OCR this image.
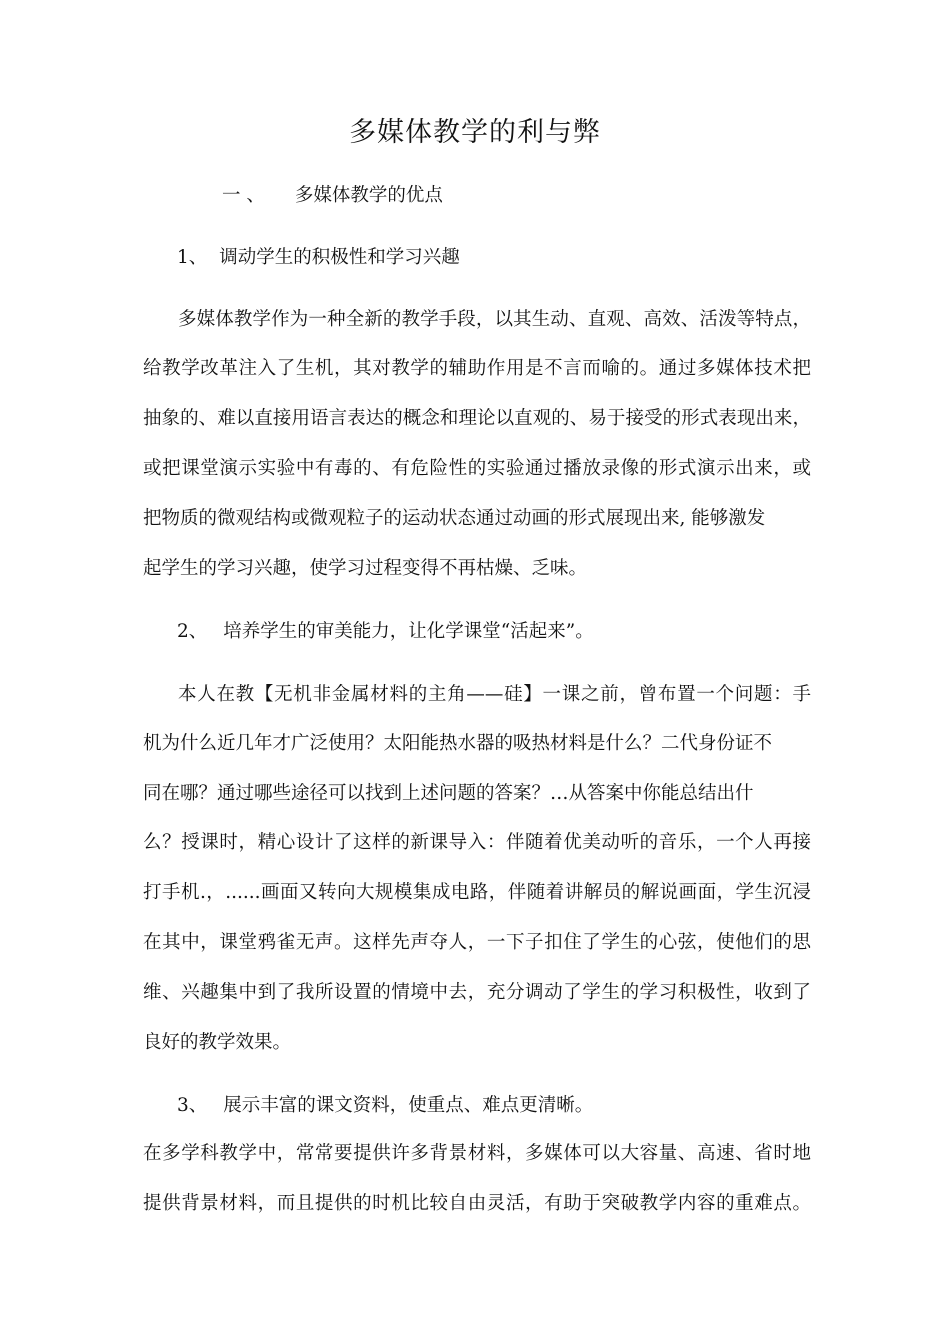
多媒体教学的利与弊
一 、 多媒体教学的优点
1、 调动学生的积极性和学习兴趣
多媒体教学作为一种全新的教学手段，以其生动、直观、高效、活泼等特点，
给教学改革注入了生机，其对教学的辅助作用是不言而喻的。通过多媒体技术把
抽象的、难以直接用语言表达的概念和理论以直观的、易于接受的形式表现出来，
或把课堂演示实验中有毒的、有危险性的实验通过播放录像的形式演示出来，或
把物质的微观结构或微观粒子的运动状态通过动画的形式展现出来, 能够激发
起学生的学习兴趣，使学习过程变得不再枯燥、乏味。
2、 培养学生的审美能力，让化学课堂“活起来”。
本人在教【无机非金属材料的主角——硅】一课之前，曾布置一个问题：手
机为什么近几年才广泛使用？太阳能热水器的吸热材料是什么？二代身份证不
同在哪？通过哪些途径可以找到上述问题的答案？…从答案中你能总结出什
么？授课时，精心设计了这样的新课导入：伴随着优美动听的音乐，一个人再接
打手机.，......画面又转向大规模集成电路，伴随着讲解员的解说画面，学生沉浸
在其中，课堂鸦雀无声。这样先声夺人，一下子扣住了学生的心弦，使他们的思
维、兴趣集中到了我所设置的情境中去，充分调动了学生的学习积极性，收到了
良好的教学效果。
3、 展示丰富的课文资料，使重点、难点更清晰。
在多学科教学中，常常要提供许多背景材料，多媒体可以大容量、高速、省时地
提供背景材料，而且提供的时机比较自由灵活，有助于突破教学内容的重难点。
